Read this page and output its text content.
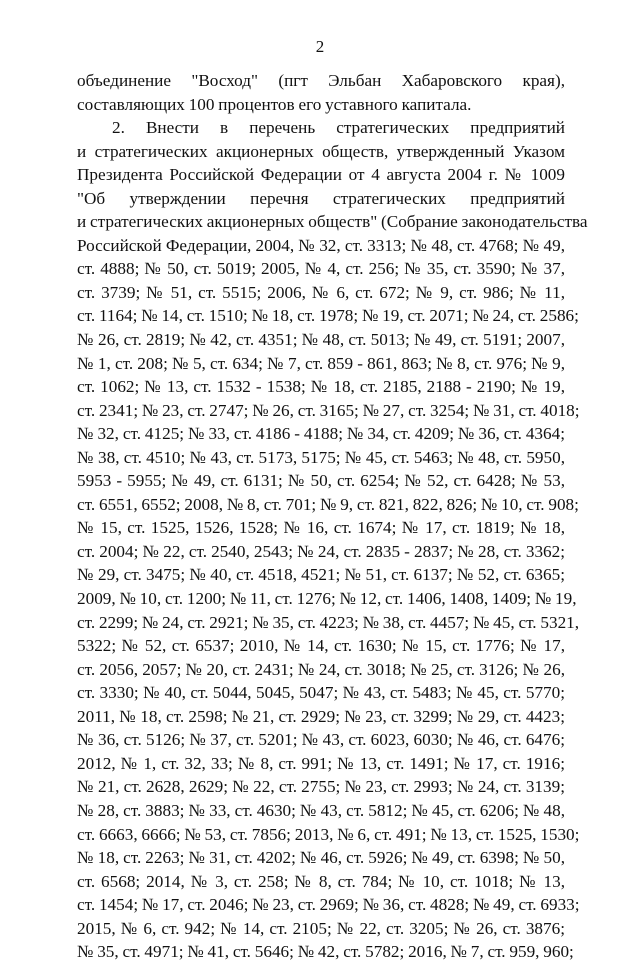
2
объединение "Восход" (пгт Эльбан Хабаровского края),
составляющих 100 процентов его уставного капитала.
2. Внести в перечень стратегических предприятий
и стратегических акционерных обществ, утвержденный Указом
Президента Российской Федерации от 4 августа 2004 г. № 1009
"Об утверждении перечня стратегических предприятий
и стратегических акционерных обществ" (Собрание законодательства
Российской Федерации, 2004, № 32, ст. 3313; № 48, ст. 4768; № 49,
ст. 4888; № 50, ст. 5019; 2005, № 4, ст. 256; № 35, ст. 3590; № 37,
ст. 3739; № 51, ст. 5515; 2006, № 6, ст. 672; № 9, ст. 986; № 11,
ст. 1164; № 14, ст. 1510; № 18, ст. 1978; № 19, ст. 2071; № 24, ст. 2586;
№ 26, ст. 2819; № 42, ст. 4351; № 48, ст. 5013; № 49, ст. 5191; 2007,
№ 1, ст. 208; № 5, ст. 634; № 7, ст. 859 - 861, 863; № 8, ст. 976; № 9,
ст. 1062; № 13, ст. 1532 - 1538; № 18, ст. 2185, 2188 - 2190; № 19,
ст. 2341; № 23, ст. 2747; № 26, ст. 3165; № 27, ст. 3254; № 31, ст. 4018;
№ 32, ст. 4125; № 33, ст. 4186 - 4188; № 34, ст. 4209; № 36, ст. 4364;
№ 38, ст. 4510; № 43, ст. 5173, 5175; № 45, ст. 5463; № 48, ст. 5950,
5953 - 5955; № 49, ст. 6131; № 50, ст. 6254; № 52, ст. 6428; № 53,
ст. 6551, 6552; 2008, № 8, ст. 701; № 9, ст. 821, 822, 826; № 10, ст. 908;
№ 15, ст. 1525, 1526, 1528; № 16, ст. 1674; № 17, ст. 1819; № 18,
ст. 2004; № 22, ст. 2540, 2543; № 24, ст. 2835 - 2837; № 28, ст. 3362;
№ 29, ст. 3475; № 40, ст. 4518, 4521; № 51, ст. 6137; № 52, ст. 6365;
2009, № 10, ст. 1200; № 11, ст. 1276; № 12, ст. 1406, 1408, 1409; № 19,
ст. 2299; № 24, ст. 2921; № 35, ст. 4223; № 38, ст. 4457; № 45, ст. 5321,
5322; № 52, ст. 6537; 2010, № 14, ст. 1630; № 15, ст. 1776; № 17,
ст. 2056, 2057; № 20, ст. 2431; № 24, ст. 3018; № 25, ст. 3126; № 26,
ст. 3330; № 40, ст. 5044, 5045, 5047; № 43, ст. 5483; № 45, ст. 5770;
2011, № 18, ст. 2598; № 21, ст. 2929; № 23, ст. 3299; № 29, ст. 4423;
№ 36, ст. 5126; № 37, ст. 5201; № 43, ст. 6023, 6030; № 46, ст. 6476;
2012, № 1, ст. 32, 33; № 8, ст. 991; № 13, ст. 1491; № 17, ст. 1916;
№ 21, ст. 2628, 2629; № 22, ст. 2755; № 23, ст. 2993; № 24, ст. 3139;
№ 28, ст. 3883; № 33, ст. 4630; № 43, ст. 5812; № 45, ст. 6206; № 48,
ст. 6663, 6666; № 53, ст. 7856; 2013, № 6, ст. 491; № 13, ст. 1525, 1530;
№ 18, ст. 2263; № 31, ст. 4202; № 46, ст. 5926; № 49, ст. 6398; № 50,
ст. 6568; 2014, № 3, ст. 258; № 8, ст. 784; № 10, ст. 1018; № 13,
ст. 1454; № 17, ст. 2046; № 23, ст. 2969; № 36, ст. 4828; № 49, ст. 6933;
2015, № 6, ст. 942; № 14, ст. 2105; № 22, ст. 3205; № 26, ст. 3876;
№ 35, ст. 4971; № 41, ст. 5646; № 42, ст. 5782; 2016, № 7, ст. 959, 960;
